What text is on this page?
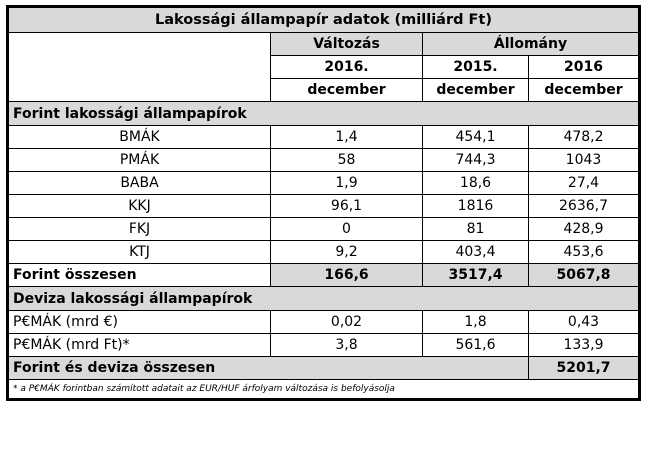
Lakossági állampapír adatok (milliárd Ft)			
	Változás	Állomány	
	2016.	2015.	2016
	december	december	december
Forint lakossági állampapírok			
BMÁK	1,4	454,1	478,2
PMÁK	58	744,3	1043
BABA	1,9	18,6	27,4
KKJ	96,1	1816	2636,7
FKJ	0	81	428,9
KTJ	9,2	403,4	453,6
Forint összesen	166,6	3517,4	5067,8
Deviza lakossági állampapírok			
P€MÁK (mrd €)	0,02	1,8	0,43
P€MÁK (mrd Ft)*	3,8	561,6	133,9
Forint és deviza összesen			5201,7
* a P€MÁK forintban számított adatait az EUR/HUF árfolyam változása is befolyásolja			
